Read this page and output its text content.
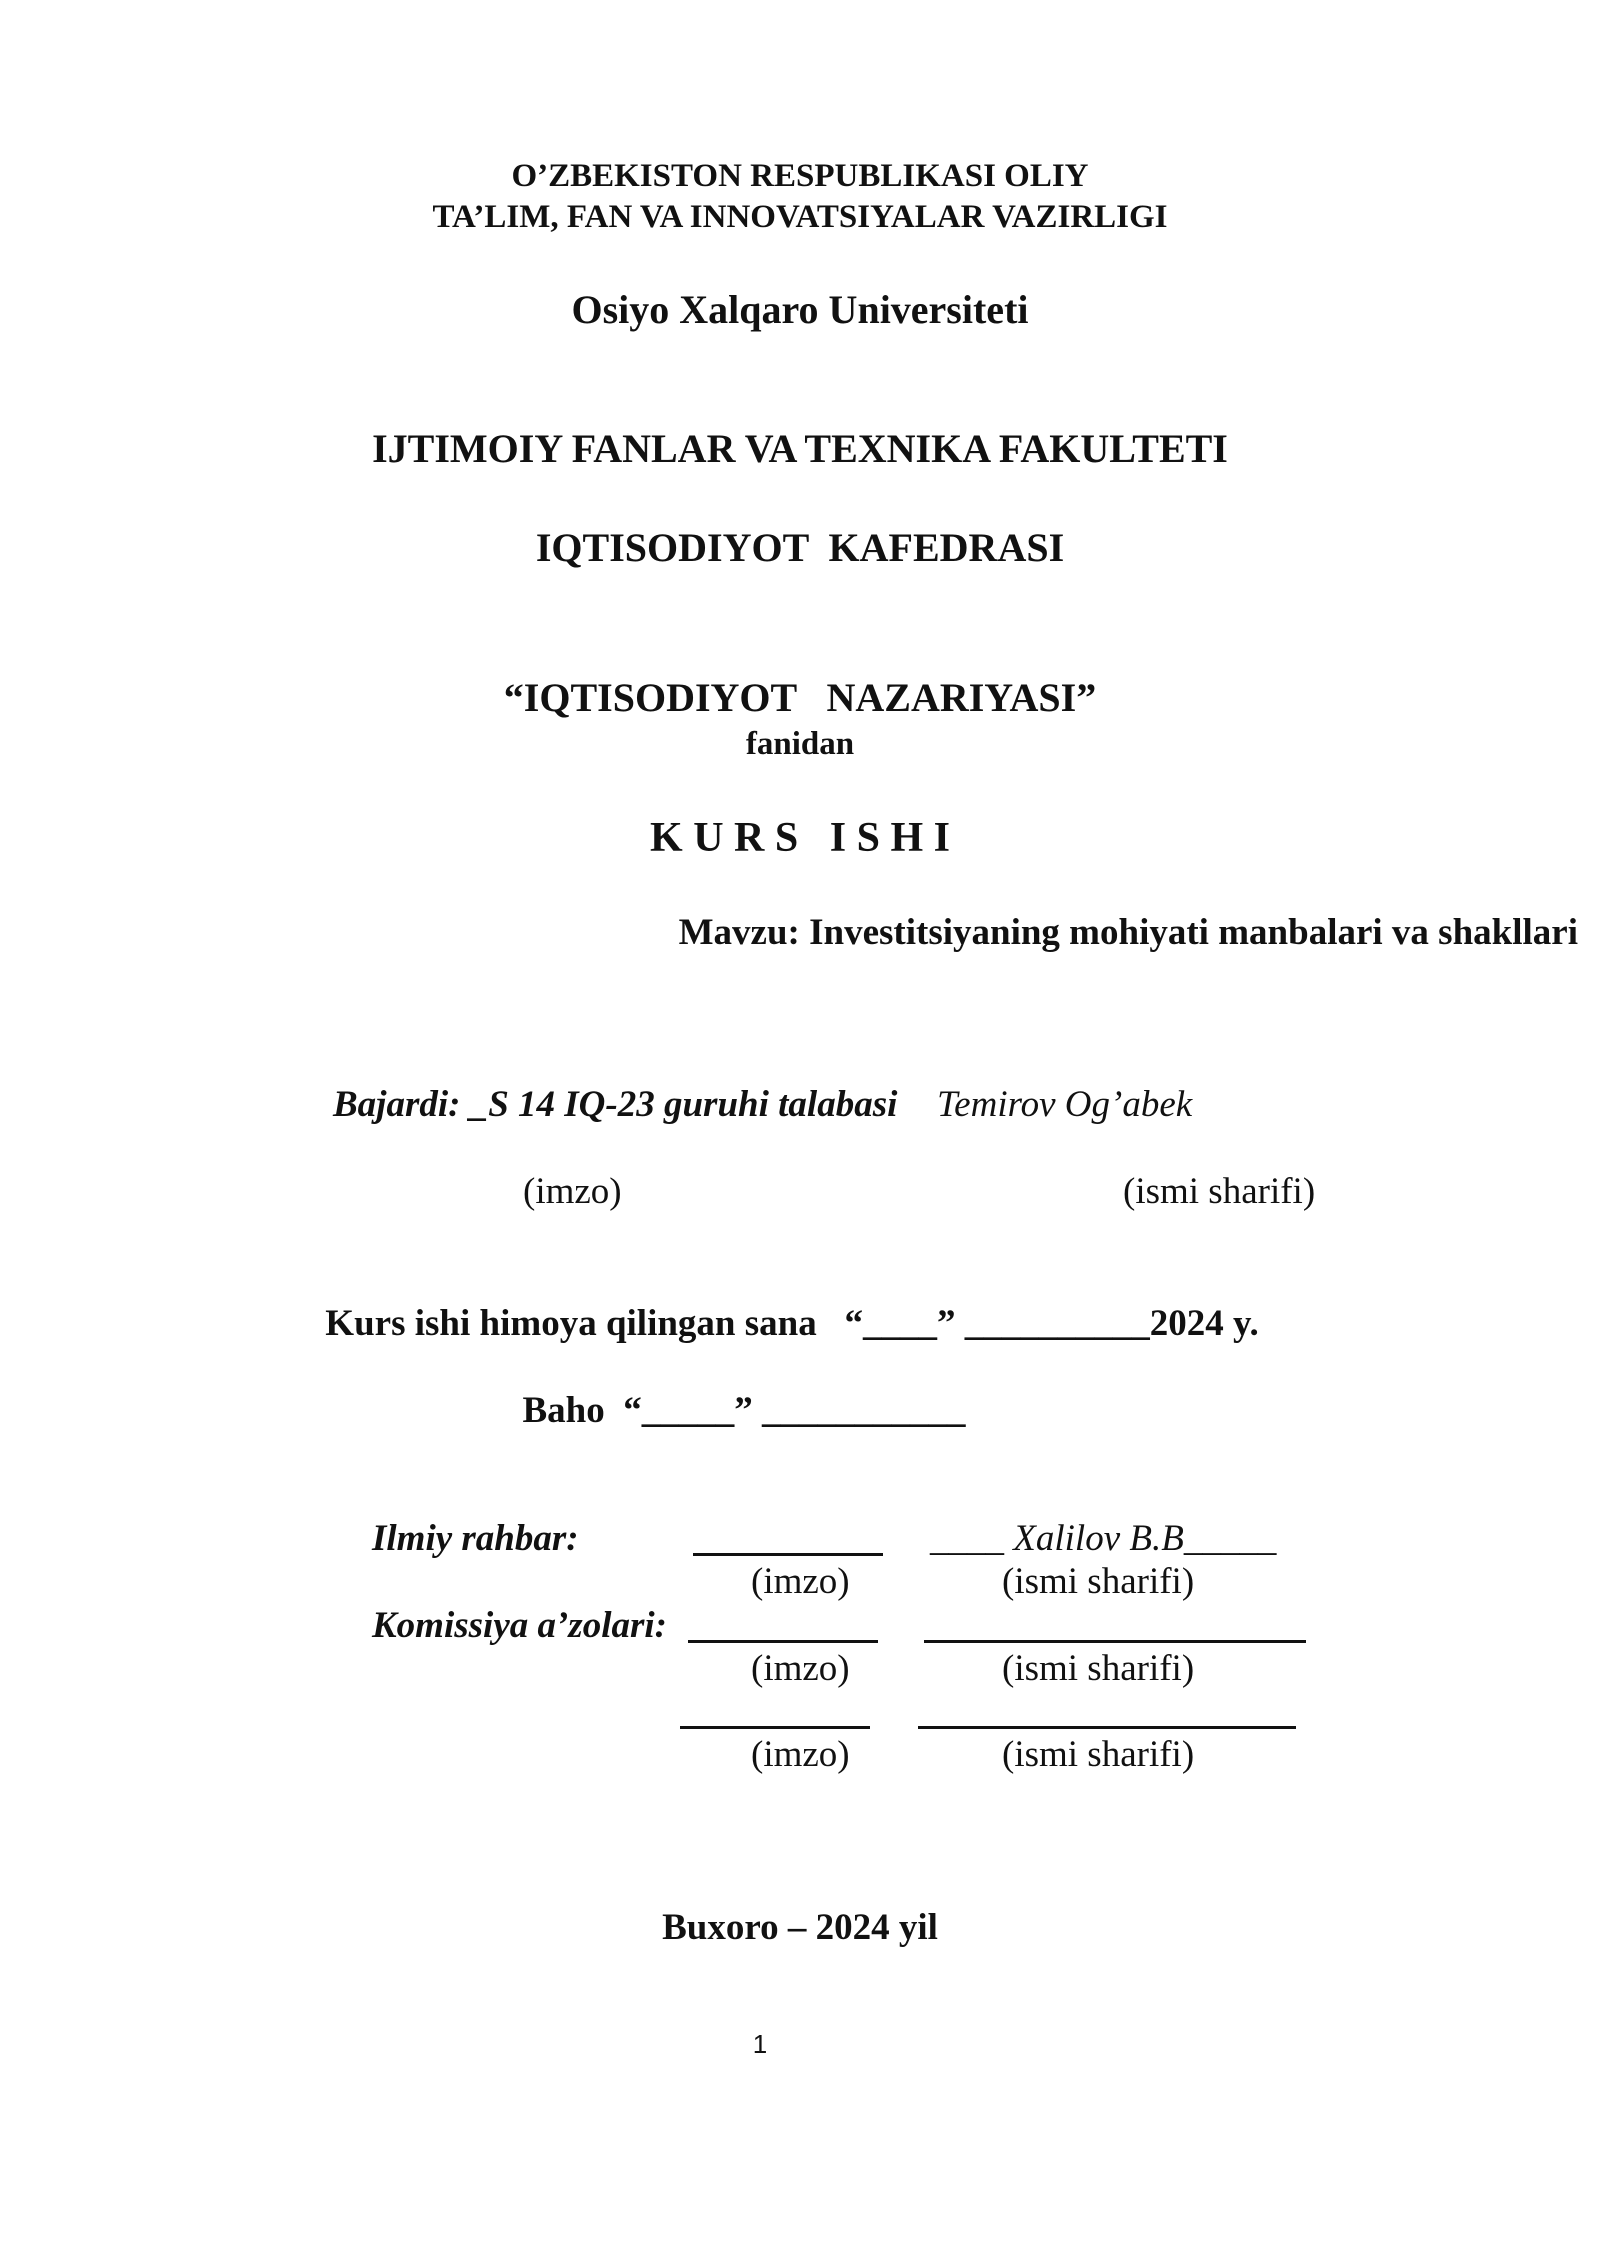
O’ZBEKISTON RESPUBLIKASI OLIY
TA’LIM, FAN VA INNOVATSIYALAR VAZIRLIGI
Osiyo Xalqaro Universiteti
IJTIMOIY FANLAR VA TEXNIKA FAKULTETI
IQTISODIYOT  KAFEDRASI
“IQTISODIYOT   NAZARIYASI”
fanidan
K U R S   I S H I
Mavzu: Investitsiyaning mohiyati manbalari va shakllari
Bajardi: _S 14 IQ-23 guruhi talabasi Temirov Og’abek
(imzo)	(ismi sharifi)
Kurs ishi himoya qilingan sana   “____” __________2024 y.
Baho  “_____” ___________
Ilmiy rahbar:	____ Xalilov B.B_____
(imzo)	(ismi sharifi)
Komissiya a’zolari:
(imzo)	(ismi sharifi)
(imzo)	(ismi sharifi)
Buxoro – 2024 yil
1
